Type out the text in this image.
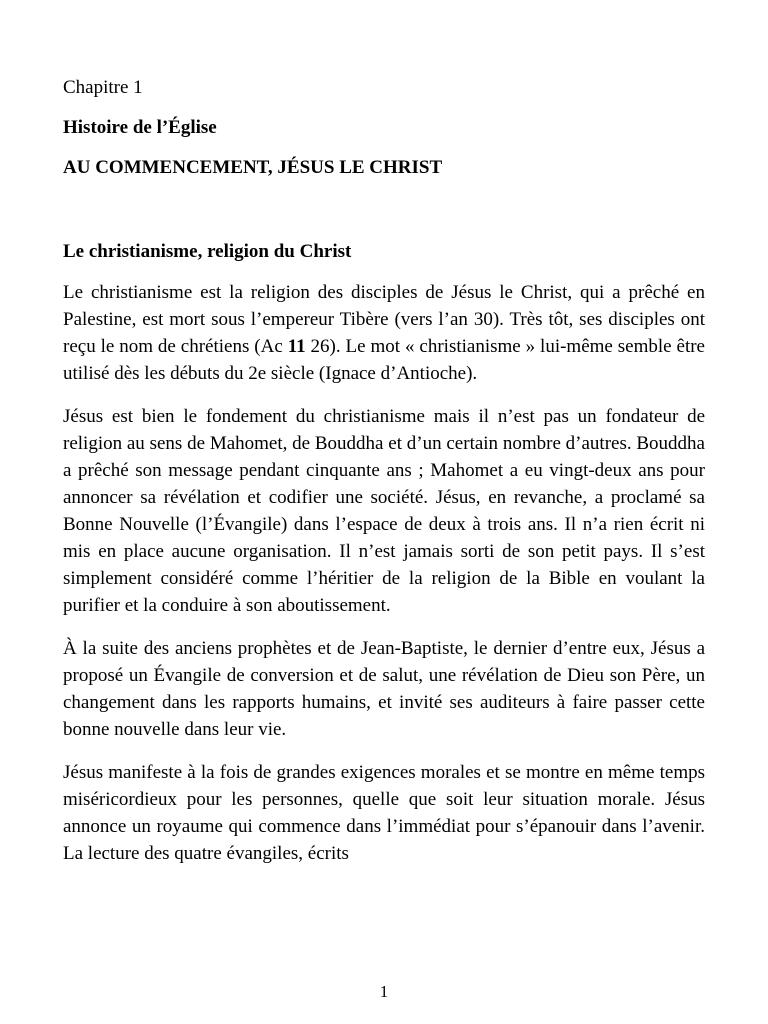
Chapitre 1

Histoire de l’Église

AU COMMENCEMENT, JÉSUS LE CHRIST

Le christianisme, religion du Christ

Le christianisme est la religion des disciples de Jésus le Christ, qui a prêché en Palestine, est mort sous l’empereur Tibère (vers l’an 30). Très tôt, ses disciples ont reçu le nom de chrétiens (Ac 11 26). Le mot « christianisme » lui-même semble être utilisé dès les débuts du 2e siècle (Ignace d’Antioche).

Jésus est bien le fondement du christianisme mais il n’est pas un fondateur de religion au sens de Mahomet, de Bouddha et d’un certain nombre d’autres. Bouddha a prêché son message pendant cinquante ans ; Mahomet a eu vingt-deux ans pour annoncer sa révélation et codifier une société. Jésus, en revanche, a proclamé sa Bonne Nouvelle (l’Évangile) dans l’espace de deux à trois ans. Il n’a rien écrit ni mis en place aucune organisation. Il n’est jamais sorti de son petit pays. Il s’est simplement considéré comme l’héritier de la religion de la Bible en voulant la purifier et la conduire à son aboutissement.

À la suite des anciens prophètes et de Jean-Baptiste, le dernier d’entre eux, Jésus a proposé un Évangile de conversion et de salut, une révélation de Dieu son Père, un changement dans les rapports humains, et invité ses auditeurs à faire passer cette bonne nouvelle dans leur vie.

Jésus manifeste à la fois de grandes exigences morales et se montre en même temps miséricordieux pour les personnes, quelle que soit leur situation morale. Jésus annonce un royaume qui commence dans l’immédiat pour s’épanouir dans l’avenir. La lecture des quatre évangiles, écrits

1
